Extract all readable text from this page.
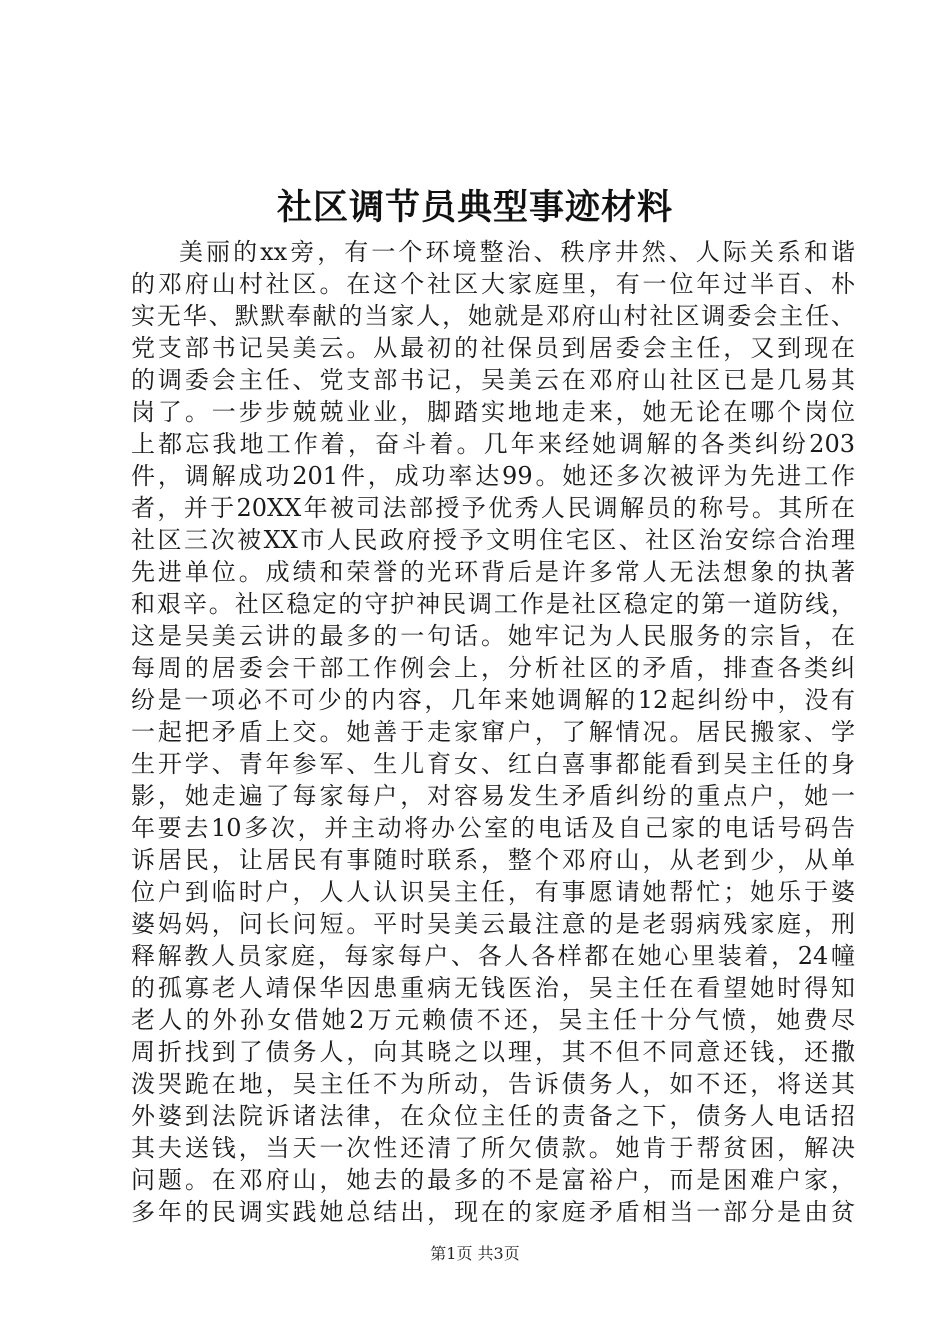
社区调节员典型事迹材料
美丽的xx旁，有一个环境整治、秩序井然、人际关系和谐
的邓府山村社区。在这个社区大家庭里，有一位年过半百、朴
实无华、默默奉献的当家人，她就是邓府山村社区调委会主任、
党支部书记吴美云。从最初的社保员到居委会主任，又到现在
的调委会主任、党支部书记，吴美云在邓府山社区已是几易其
岗了。一步步兢兢业业，脚踏实地地走来，她无论在哪个岗位
上都忘我地工作着，奋斗着。几年来经她调解的各类纠纷203
件，调解成功201件，成功率达99。她还多次被评为先进工作
者，并于20XX年被司法部授予优秀人民调解员的称号。其所在
社区三次被XX市人民政府授予文明住宅区、社区治安综合治理
先进单位。成绩和荣誉的光环背后是许多常人无法想象的执著
和艰辛。社区稳定的守护神民调工作是社区稳定的第一道防线，
这是吴美云讲的最多的一句话。她牢记为人民服务的宗旨，在
每周的居委会干部工作例会上，分析社区的矛盾，排查各类纠
纷是一项必不可少的内容，几年来她调解的12起纠纷中，没有
一起把矛盾上交。她善于走家窜户，了解情况。居民搬家、学
生开学、青年参军、生儿育女、红白喜事都能看到吴主任的身
影，她走遍了每家每户，对容易发生矛盾纠纷的重点户，她一
年要去10多次，并主动将办公室的电话及自己家的电话号码告
诉居民，让居民有事随时联系，整个邓府山，从老到少，从单
位户到临时户，人人认识吴主任，有事愿请她帮忙；她乐于婆
婆妈妈，问长问短。平时吴美云最注意的是老弱病残家庭，刑
释解教人员家庭，每家每户、各人各样都在她心里装着，24幢
的孤寡老人靖保华因患重病无钱医治，吴主任在看望她时得知
老人的外孙女借她2万元赖债不还，吴主任十分气愤，她费尽
周折找到了债务人，向其晓之以理，其不但不同意还钱，还撒
泼哭跪在地，吴主任不为所动，告诉债务人，如不还，将送其
外婆到法院诉诸法律，在众位主任的责备之下，债务人电话招
其夫送钱，当天一次性还清了所欠债款。她肯于帮贫困，解决
问题。在邓府山，她去的最多的不是富裕户，而是困难户家，
多年的民调实践她总结出，现在的家庭矛盾相当一部分是由贫
第1页 共3页
